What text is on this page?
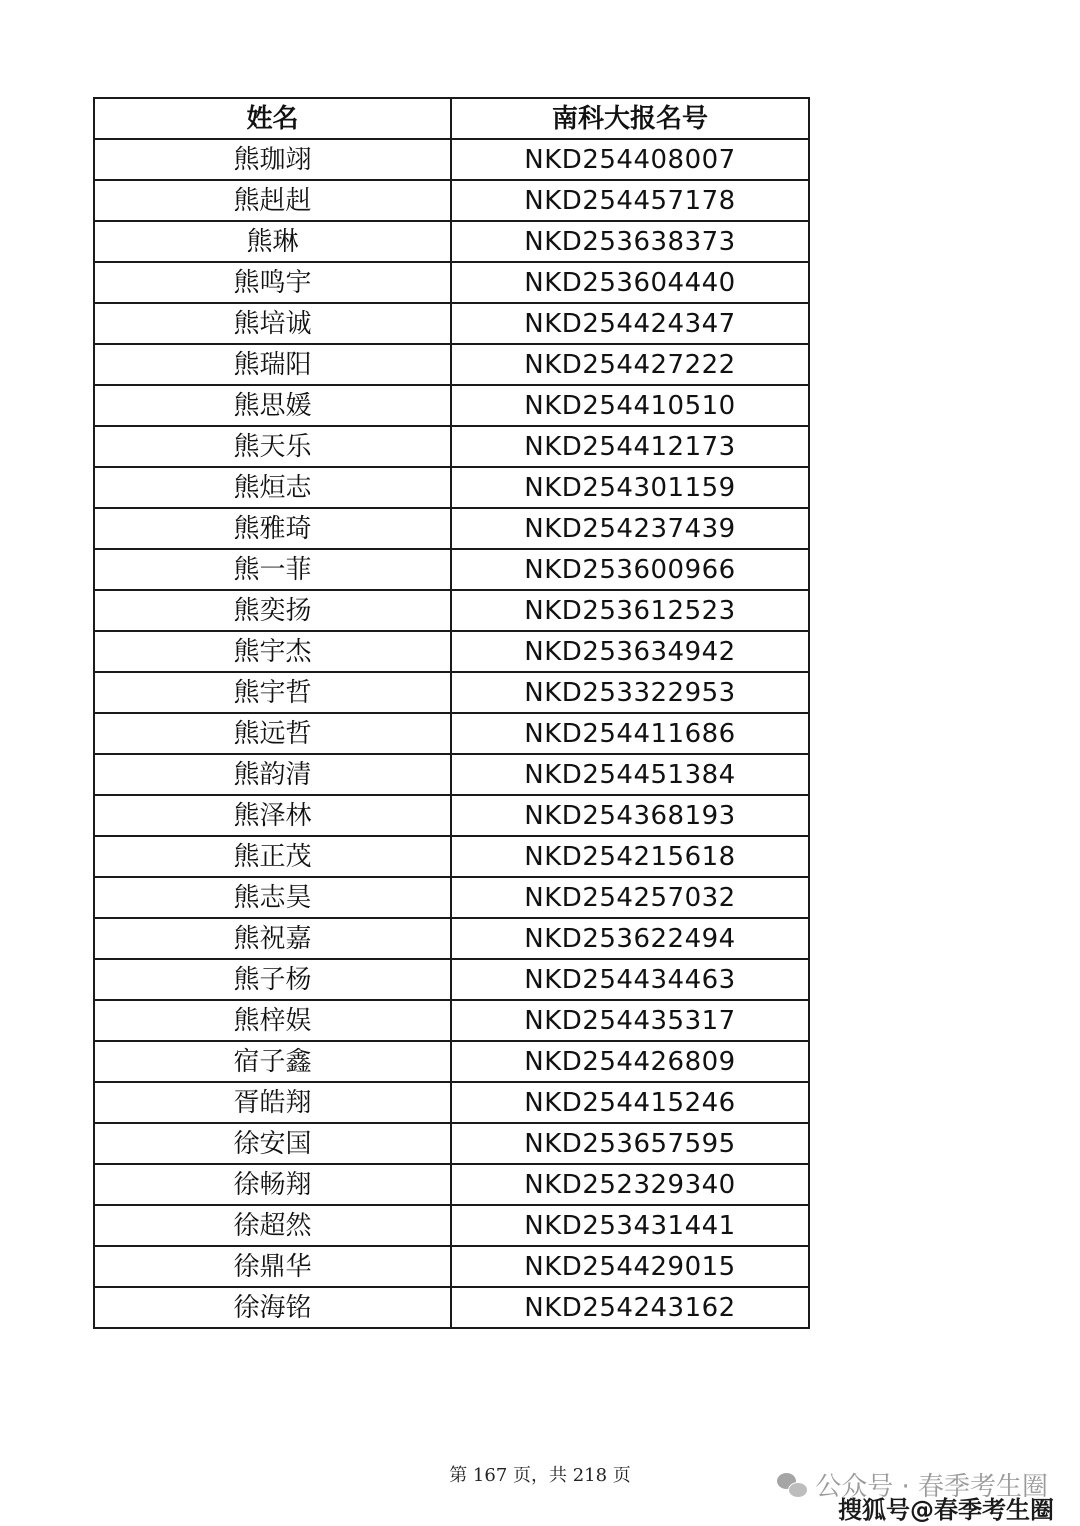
姓名	南科大报名号
熊珈翊	NKD254408007
熊赳赳	NKD254457178
熊琳	NKD253638373
熊鸣宇	NKD253604440
熊培诚	NKD254424347
熊瑞阳	NKD254427222
熊思媛	NKD254410510
熊天乐	NKD254412173
熊烜志	NKD254301159
熊雅琦	NKD254237439
熊一菲	NKD253600966
熊奕扬	NKD253612523
熊宇杰	NKD253634942
熊宇哲	NKD253322953
熊远哲	NKD254411686
熊韵清	NKD254451384
熊泽林	NKD254368193
熊正茂	NKD254215618
熊志昊	NKD254257032
熊祝嘉	NKD253622494
熊子杨	NKD254434463
熊梓娱	NKD254435317
宿子鑫	NKD254426809
胥皓翔	NKD254415246
徐安国	NKD253657595
徐畅翔	NKD252329340
徐超然	NKD253431441
徐鼎华	NKD254429015
徐海铭	NKD254243162
第 167 页，共 218 页	公众号 · 春季考生圈
搜狐号@春季考生圈
